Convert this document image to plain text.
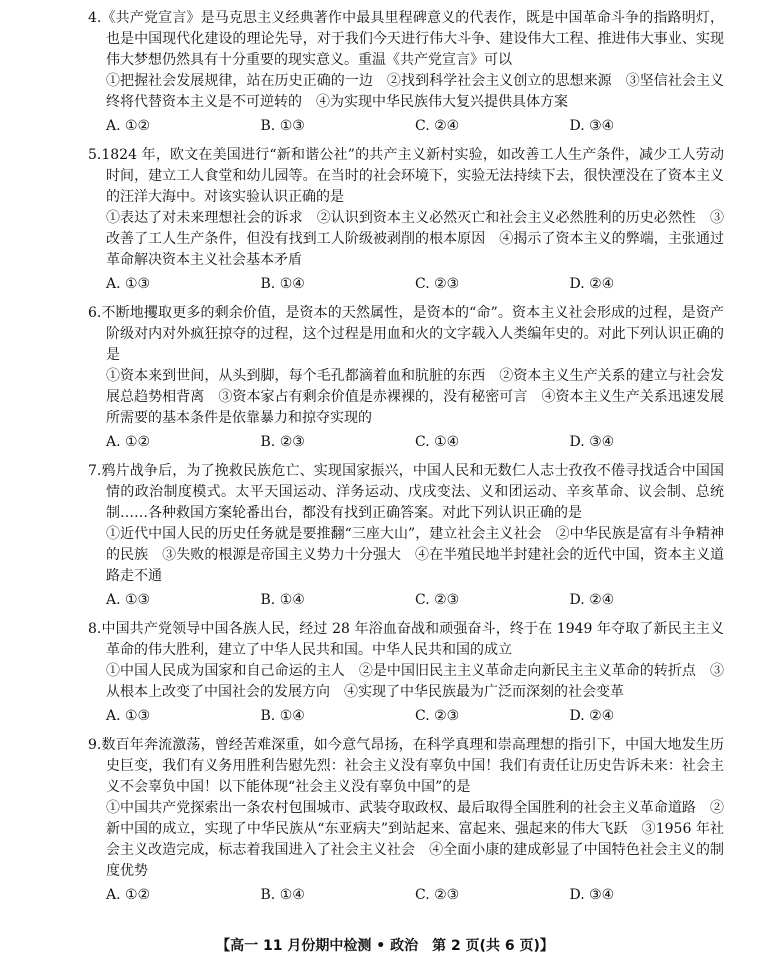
4.《共产党宣言》是马克思主义经典著作中最具里程碑意义的代表作，既是中国革命斗争的指路明灯，也是中国现代化建设的理论先导，对于我们今天进行伟大斗争、建设伟大工程、推进伟大事业、实现伟大梦想仍然具有十分重要的现实意义。重温《共产党宣言》可以
①把握社会发展规律，站在历史正确的一边　②找到科学社会主义创立的思想来源　③坚信社会主义终将代替资本主义是不可逆转的　④为实现中华民族伟大复兴提供具体方案
A. ①②	B. ①③	C. ②④	D. ③④
5.1824 年，欧文在美国进行“新和谐公社”的共产主义新村实验，如改善工人生产条件，减少工人劳动时间，建立工人食堂和幼儿园等。在当时的社会环境下，实验无法持续下去，很快湮没在了资本主义的汪洋大海中。对该实验认识正确的是
①表达了对未来理想社会的诉求　②认识到资本主义必然灭亡和社会主义必然胜利的历史必然性　③改善了工人生产条件，但没有找到工人阶级被剥削的根本原因　④揭示了资本主义的弊端，主张通过革命解决资本主义社会基本矛盾
A. ①③	B. ①④	C. ②③	D. ②④
6.不断地攫取更多的剩余价值，是资本的天然属性，是资本的“命”。资本主义社会形成的过程，是资产阶级对内对外疯狂掠夺的过程，这个过程是用血和火的文字载入人类编年史的。对此下列认识正确的是
①资本来到世间，从头到脚，每个毛孔都滴着血和肮脏的东西　②资本主义生产关系的建立与社会发展总趋势相背离　③资本家占有剩余价值是赤裸裸的，没有秘密可言　④资本主义生产关系迅速发展所需要的基本条件是依靠暴力和掠夺实现的
A. ①②	B. ②③	C. ①④	D. ③④
7.鸦片战争后，为了挽救民族危亡、实现国家振兴，中国人民和无数仁人志士孜孜不倦寻找适合中国国情的政治制度模式。太平天国运动、洋务运动、戊戌变法、义和团运动、辛亥革命、议会制、总统制……各种救国方案轮番出台，都没有找到正确答案。对此下列认识正确的是
①近代中国人民的历史任务就是要推翻“三座大山”，建立社会主义社会　②中华民族是富有斗争精神的民族　③失败的根源是帝国主义势力十分强大　④在半殖民地半封建社会的近代中国，资本主义道路走不通
A. ①③	B. ①④	C. ②③	D. ②④
8.中国共产党领导中国各族人民，经过 28 年浴血奋战和顽强奋斗，终于在 1949 年夺取了新民主主义革命的伟大胜利，建立了中华人民共和国。中华人民共和国的成立
①中国人民成为国家和自己命运的主人　②是中国旧民主主义革命走向新民主主义革命的转折点　③从根本上改变了中国社会的发展方向　④实现了中华民族最为广泛而深刻的社会变革
A. ①③	B. ①④	C. ②③	D. ②④
9.数百年奔流激荡，曾经苦难深重，如今意气昂扬，在科学真理和崇高理想的指引下，中国大地发生历史巨变，我们有义务用胜利告慰先烈：社会主义没有辜负中国！我们有责任让历史告诉未来：社会主义不会辜负中国！以下能体现“社会主义没有辜负中国”的是
①中国共产党探索出一条农村包围城市、武装夺取政权、最后取得全国胜利的社会主义革命道路　②新中国的成立，实现了中华民族从“东亚病夫”到站起来、富起来、强起来的伟大飞跃　③1956 年社会主义改造完成，标志着我国进入了社会主义社会　④全面小康的建成彰显了中国特色社会主义的制度优势
A. ①②	B. ①④	C. ②③	D. ③④
【高一 11 月份期中检测 • 政治　第 2 页(共 6 页)】
